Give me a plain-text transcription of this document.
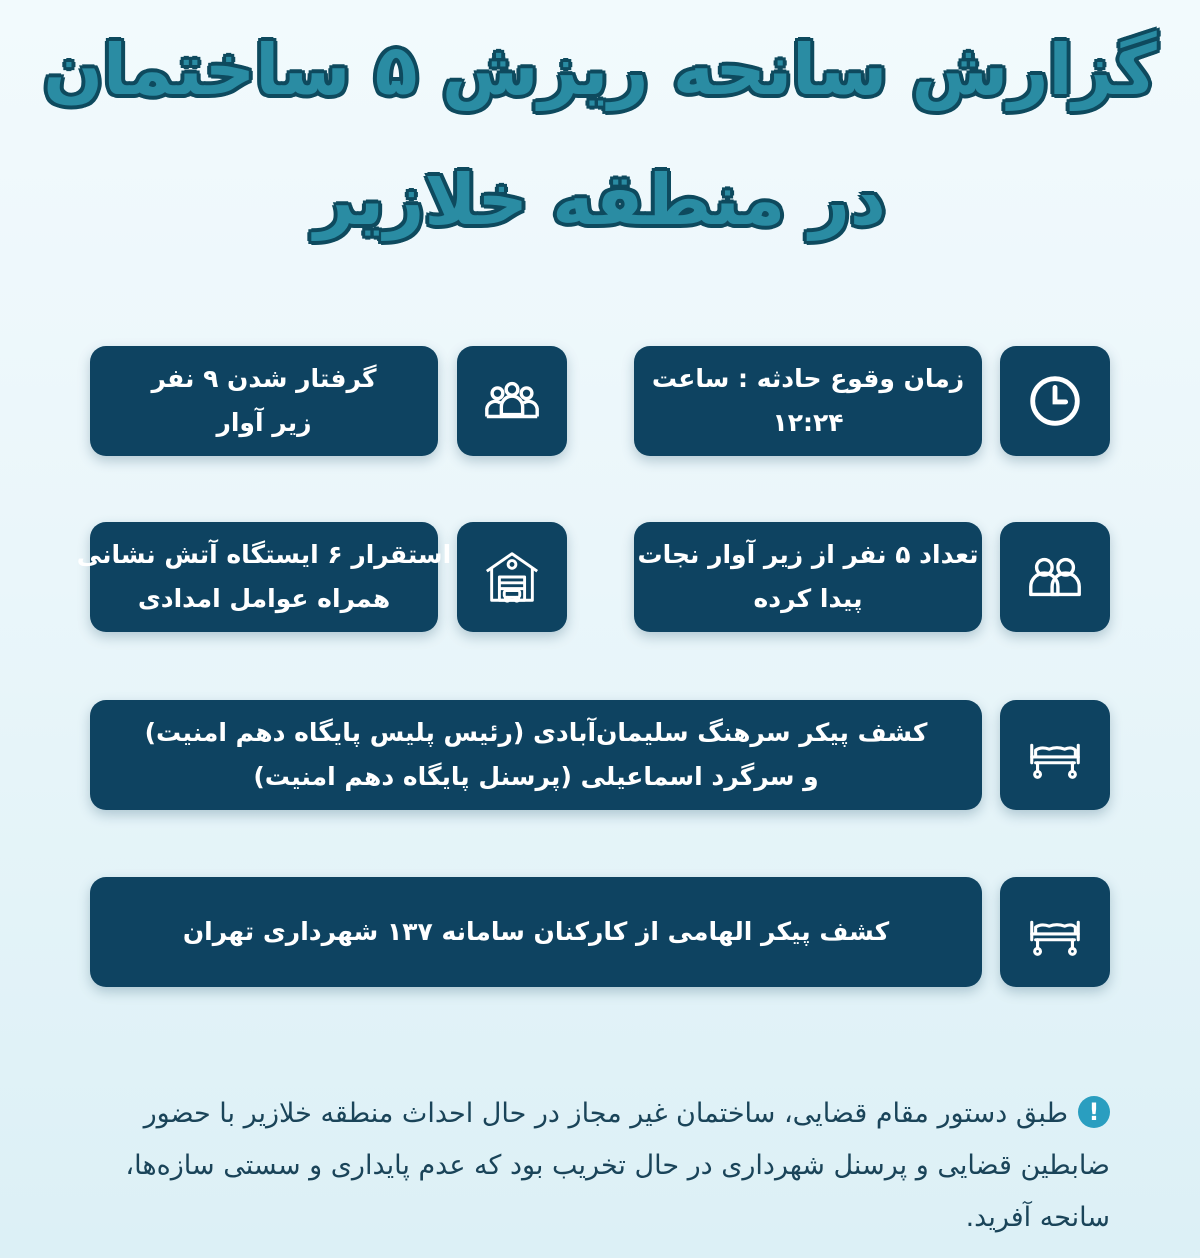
گزارش سانحه ریزش ۵ ساختمان
در منطقه خلازیر
زمان وقوع حادثه : ساعت
۱۲:۲۴
گرفتار شدن ۹ نفر
زیر آوار
تعداد ۵ نفر از زیر آوار نجات
پیدا کرده
استقرار ۶ ایستگاه آتش نشانی
همراه عوامل امدادی
کشف پیکر سرهنگ سلیمان‌آبادی (رئیس پلیس پایگاه دهم امنیت)
و سرگرد اسماعیلی (پرسنل پایگاه دهم امنیت)
کشف پیکر الهامی از کارکنان سامانه ۱۳۷ شهرداری تهران
!طبق دستور مقام قضایی، ساختمان غیر مجاز در حال احداث منطقه خلازیر با حضور ضابطین قضایی و پرسنل شهرداری در حال تخریب بود که عدم پایداری و سستی سازه‌ها، سانحه آفرید.
